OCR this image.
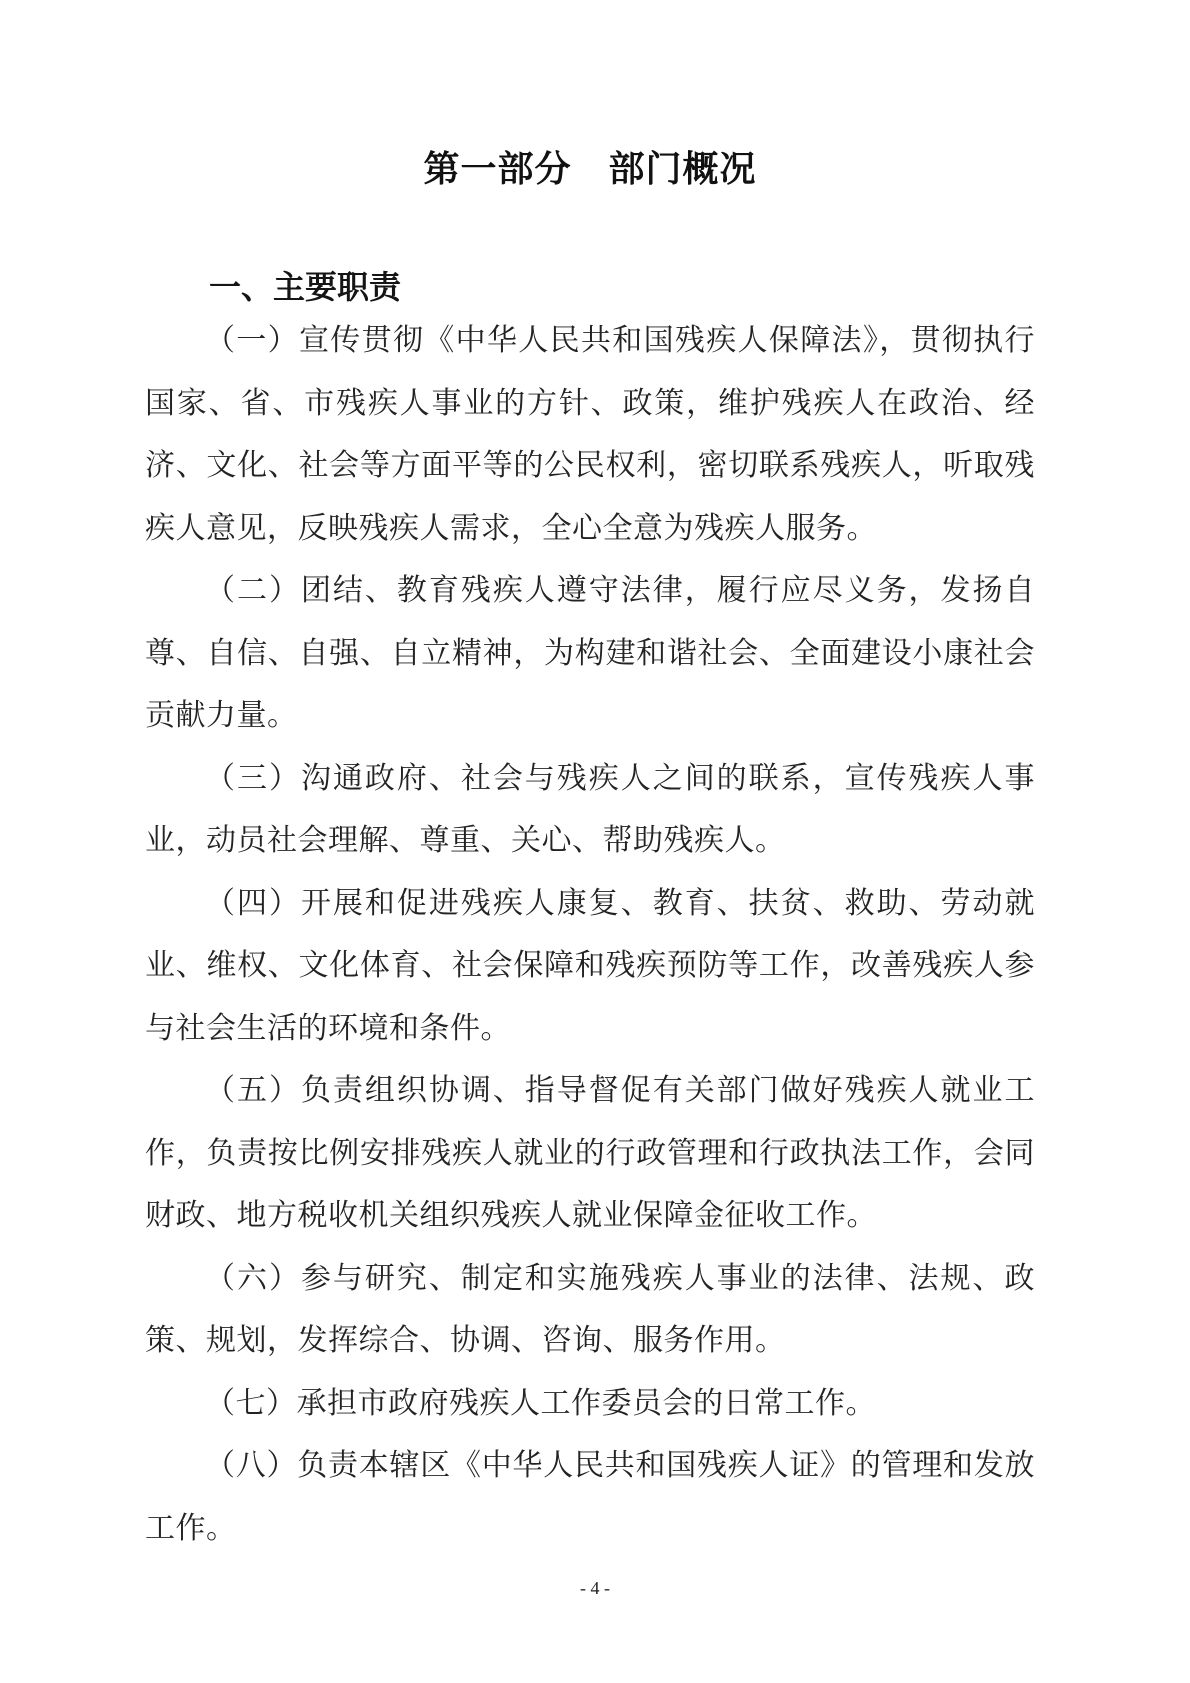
第一部分　部门概况
一、主要职责

（一）宣传贯彻《中华人民共和国残疾人保障法》，贯彻执行国家、省、市残疾人事业的方针、政策，维护残疾人在政治、经济、文化、社会等方面平等的公民权利，密切联系残疾人，听取残疾人意见，反映残疾人需求，全心全意为残疾人服务。

（二）团结、教育残疾人遵守法律，履行应尽义务，发扬自尊、自信、自强、自立精神，为构建和谐社会、全面建设小康社会贡献力量。

（三）沟通政府、社会与残疾人之间的联系，宣传残疾人事业，动员社会理解、尊重、关心、帮助残疾人。

（四）开展和促进残疾人康复、教育、扶贫、救助、劳动就业、维权、文化体育、社会保障和残疾预防等工作，改善残疾人参与社会生活的环境和条件。

（五）负责组织协调、指导督促有关部门做好残疾人就业工作，负责按比例安排残疾人就业的行政管理和行政执法工作，会同财政、地方税收机关组织残疾人就业保障金征收工作。

（六）参与研究、制定和实施残疾人事业的法律、法规、政策、规划，发挥综合、协调、咨询、服务作用。

（七）承担市政府残疾人工作委员会的日常工作。

（八）负责本辖区《中华人民共和国残疾人证》的管理和发放工作。

- 4 -
